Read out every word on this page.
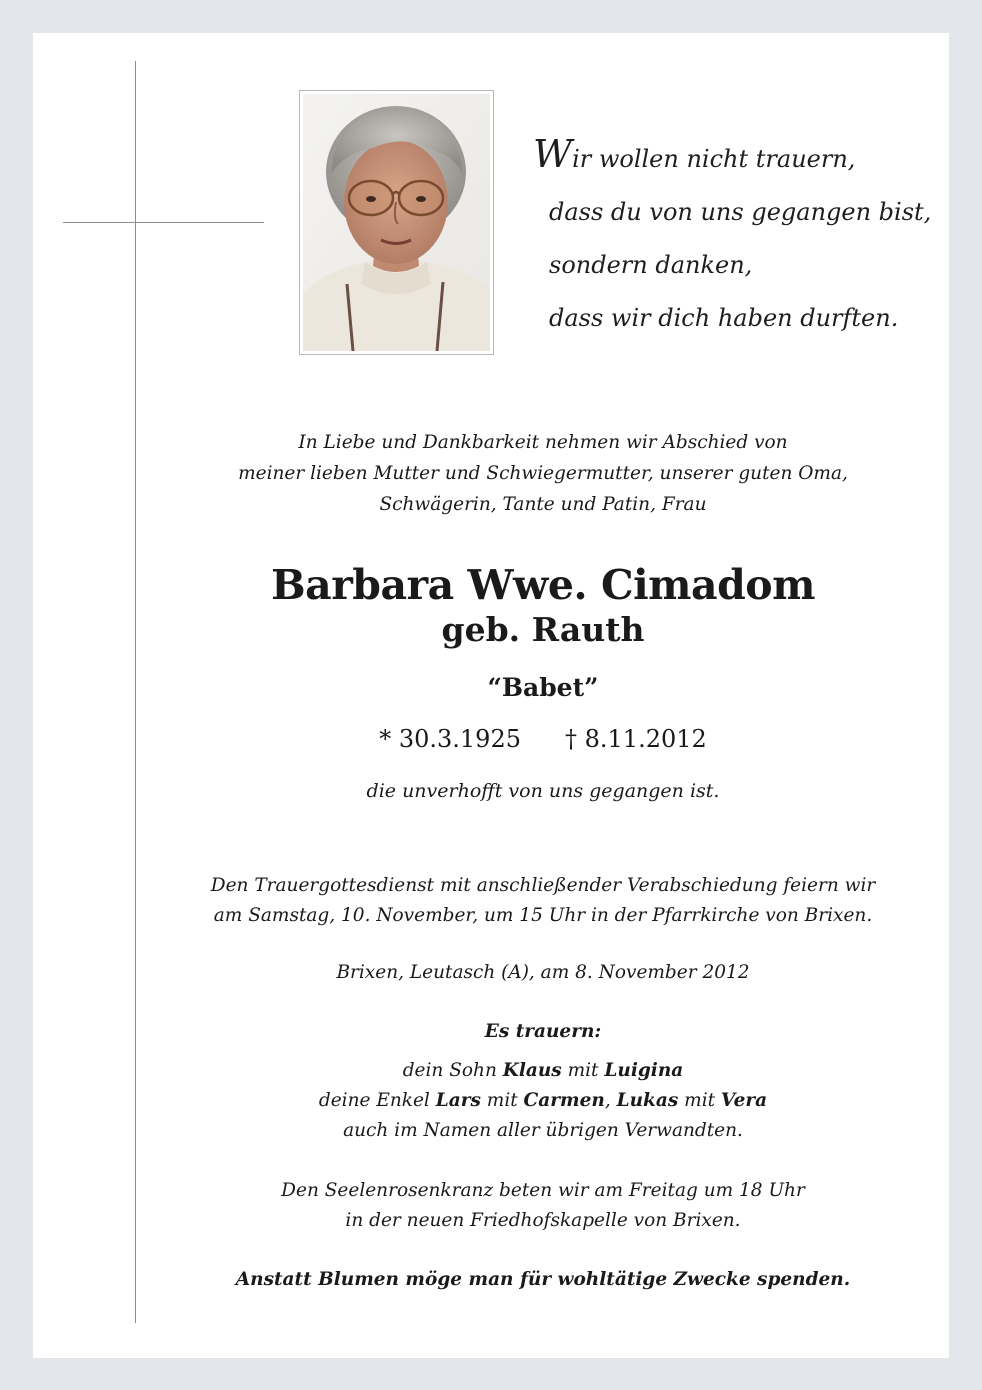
Wir wollen nicht trauern,
dass du von uns gegangen bist,
sondern danken,
dass wir dich haben durften.
In Liebe und Dankbarkeit nehmen wir Abschied von
meiner lieben Mutter und Schwiegermutter, unserer guten Oma,
Schwägerin, Tante und Patin, Frau
Barbara Wwe. Cimadom
geb. Rauth
“Babet”
* 30.3.1925 † 8.11.2012
die unverhofft von uns gegangen ist.
Den Trauergottesdienst mit anschließender Verabschiedung feiern wir
am Samstag, 10. November, um 15 Uhr in der Pfarrkirche von Brixen.
Brixen, Leutasch (A), am 8. November 2012
Es trauern:
dein Sohn Klaus mit Luigina
deine Enkel Lars mit Carmen, Lukas mit Vera
auch im Namen aller übrigen Verwandten.
Den Seelenrosenkranz beten wir am Freitag um 18 Uhr
in der neuen Friedhofskapelle von Brixen.
Anstatt Blumen möge man für wohltätige Zwecke spenden.
